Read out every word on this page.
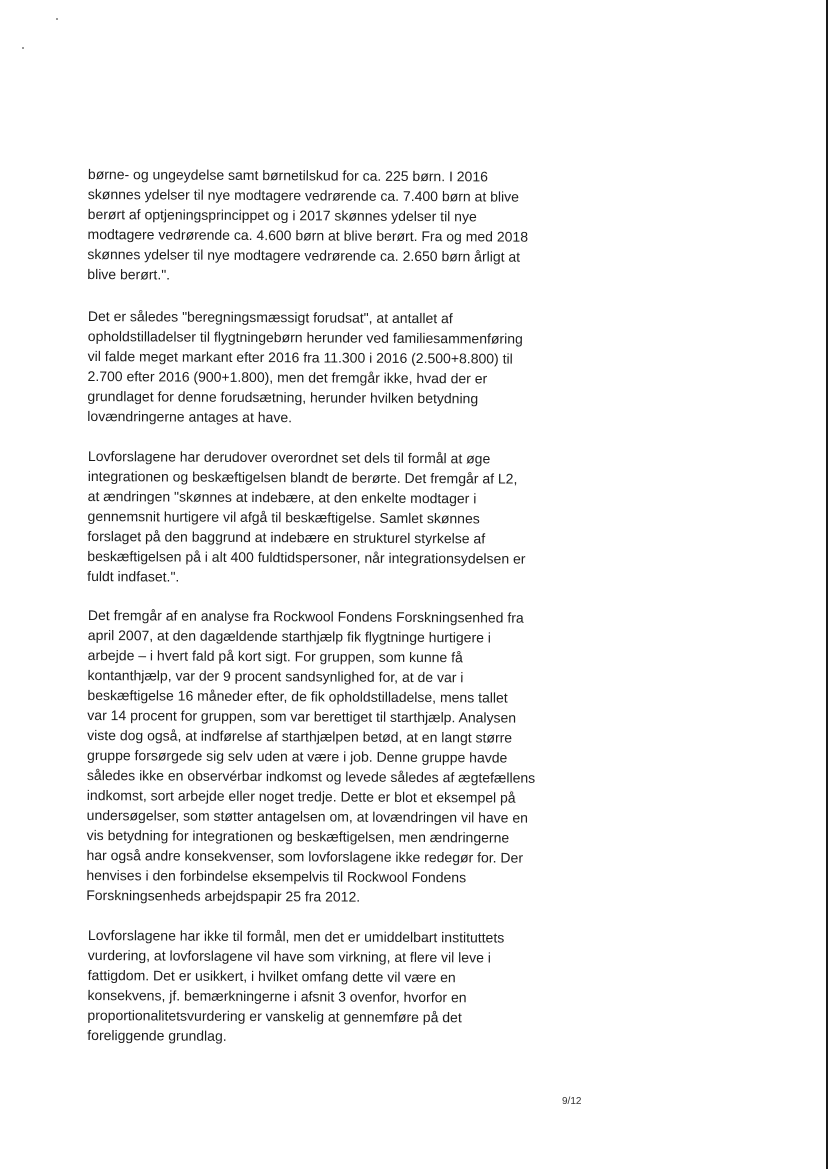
børne- og ungeydelse samt børnetilskud for ca. 225 børn. I 2016
skønnes ydelser til nye modtagere vedrørende ca. 7.400 børn at blive
berørt af optjeningsprincippet og i 2017 skønnes ydelser til nye
modtagere vedrørende ca. 4.600 børn at blive berørt. Fra og med 2018
skønnes ydelser til nye modtagere vedrørende ca. 2.650 børn årligt at
blive berørt.".

Det er således "beregningsmæssigt forudsat", at antallet af
opholdstilladelser til flygtningebørn herunder ved familiesammenføring
vil falde meget markant efter 2016 fra 11.300 i 2016 (2.500+8.800) til
2.700 efter 2016 (900+1.800), men det fremgår ikke, hvad der er
grundlaget for denne forudsætning, herunder hvilken betydning
lovændringerne antages at have.

Lovforslagene har derudover overordnet set dels til formål at øge
integrationen og beskæftigelsen blandt de berørte. Det fremgår af L2,
at ændringen "skønnes at indebære, at den enkelte modtager i
gennemsnit hurtigere vil afgå til beskæftigelse. Samlet skønnes
forslaget på den baggrund at indebære en strukturel styrkelse af
beskæftigelsen på i alt 400 fuldtidspersoner, når integrationsydelsen er
fuldt indfaset.".

Det fremgår af en analyse fra Rockwool Fondens Forskningsenhed fra
april 2007, at den dagældende starthjælp fik flygtninge hurtigere i
arbejde – i hvert fald på kort sigt. For gruppen, som kunne få
kontanthjælp, var der 9 procent sandsynlighed for, at de var i
beskæftigelse 16 måneder efter, de fik opholdstilladelse, mens tallet
var 14 procent for gruppen, som var berettiget til starthjælp. Analysen
viste dog også, at indførelse af starthjælpen betød, at en langt større
gruppe forsørgede sig selv uden at være i job. Denne gruppe havde
således ikke en observérbar indkomst og levede således af ægtefællens
indkomst, sort arbejde eller noget tredje. Dette er blot et eksempel på
undersøgelser, som støtter antagelsen om, at lovændringen vil have en
vis betydning for integrationen og beskæftigelsen, men ændringerne
har også andre konsekvenser, som lovforslagene ikke redegør for. Der
henvises i den forbindelse eksempelvis til Rockwool Fondens
Forskningsenheds arbejdspapir 25 fra 2012.

Lovforslagene har ikke til formål, men det er umiddelbart instituttets
vurdering, at lovforslagene vil have som virkning, at flere vil leve i
fattigdom. Det er usikkert, i hvilket omfang dette vil være en
konsekvens, jf. bemærkningerne i afsnit 3 ovenfor, hvorfor en
proportionalitetsvurdering er vanskelig at gennemføre på det
foreliggende grundlag.

9/12
